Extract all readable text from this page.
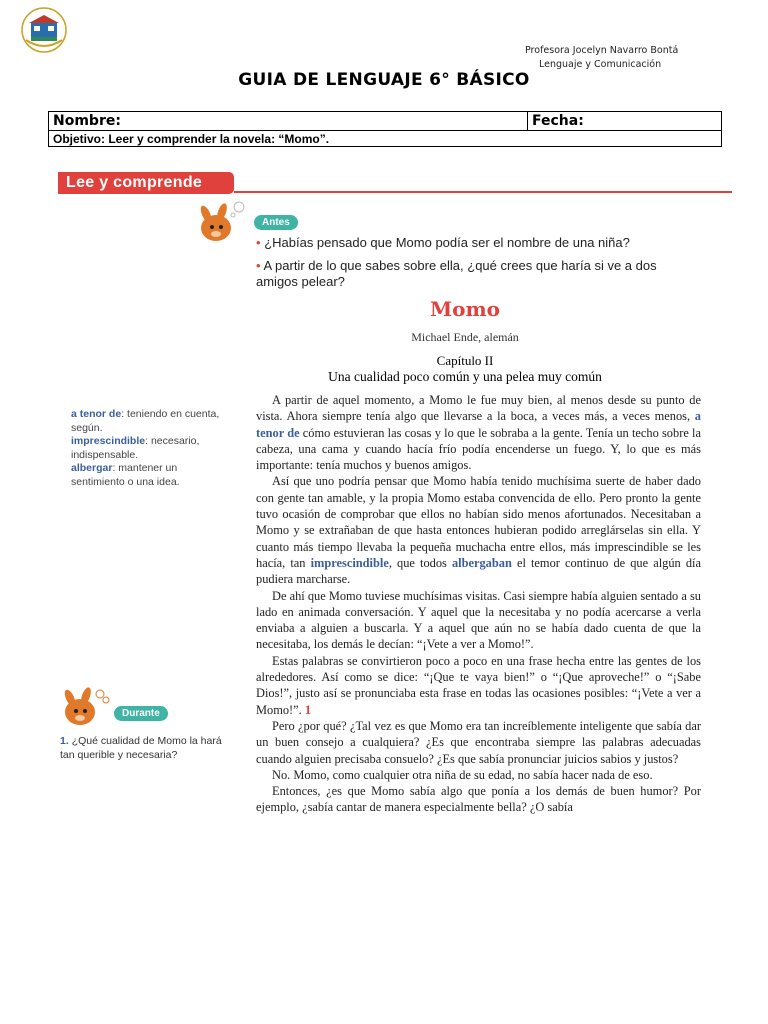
Profesora Jocelyn Navarro Bontá
Lenguaje y Comunicación
GUIA DE LENGUAJE 6° BÁSICO
Nombre:	Fecha:
Objetivo: Leer y comprender la novela: “Momo”.
Lee y comprende
Antes
• ¿Habías pensado que Momo podía ser el nombre de una niña?
• A partir de lo que sabes sobre ella, ¿qué crees que haría si ve a dos amigos pelear?
Momo
Michael Ende, alemán
Capítulo II
Una cualidad poco común y una pelea muy común
a tenor de: teniendo en cuenta, según.
imprescindible: necesario, indispensable.
albergar: mantener un sentimiento o una idea.
Durante
1. ¿Qué cualidad de Momo la hará tan querible y necesaria?

A partir de aquel momento, a Momo le fue muy bien, al menos desde su punto de vista. Ahora siempre tenía algo que llevarse a la boca, a veces más, a veces menos, a tenor de cómo estuvieran las cosas y lo que le sobraba a la gente. Tenía un techo sobre la cabeza, una cama y cuando hacía frío podía encenderse un fuego. Y, lo que es más importante: tenía muchos y buenos amigos.

Así que uno podría pensar que Momo había tenido muchísima suerte de haber dado con gente tan amable, y la propia Momo estaba convencida de ello. Pero pronto la gente tuvo ocasión de comprobar que ellos no habían sido menos afortunados. Necesitaban a Momo y se extrañaban de que hasta entonces hubieran podido arreglárselas sin ella. Y cuanto más tiempo llevaba la pequeña muchacha entre ellos, más imprescindible se les hacía, tan imprescindible, que todos albergaban el temor continuo de que algún día pudiera marcharse.

De ahí que Momo tuviese muchísimas visitas. Casi siempre había alguien sentado a su lado en animada conversación. Y aquel que la necesitaba y no podía acercarse a verla enviaba a alguien a buscarla. Y a aquel que aún no se había dado cuenta de que la necesitaba, los demás le decían: “¡Vete a ver a Momo!”.

Estas palabras se convirtieron poco a poco en una frase hecha entre las gentes de los alrededores. Así como se dice: “¡Que te vaya bien!” o “¡Que aproveche!” o “¡Sabe Dios!”, justo así se pronunciaba esta frase en todas las ocasiones posibles: “¡Vete a ver a Momo!”. 1

Pero ¿por qué? ¿Tal vez es que Momo era tan increíblemente inteligente que sabía dar un buen consejo a cualquiera? ¿Es que encontraba siempre las palabras adecuadas cuando alguien precisaba consuelo? ¿Es que sabía pronunciar juicios sabios y justos?

No. Momo, como cualquier otra niña de su edad, no sabía hacer nada de eso.

Entonces, ¿es que Momo sabía algo que ponía a los demás de buen humor? Por ejemplo, ¿sabía cantar de manera especialmente bella? ¿O sabía
